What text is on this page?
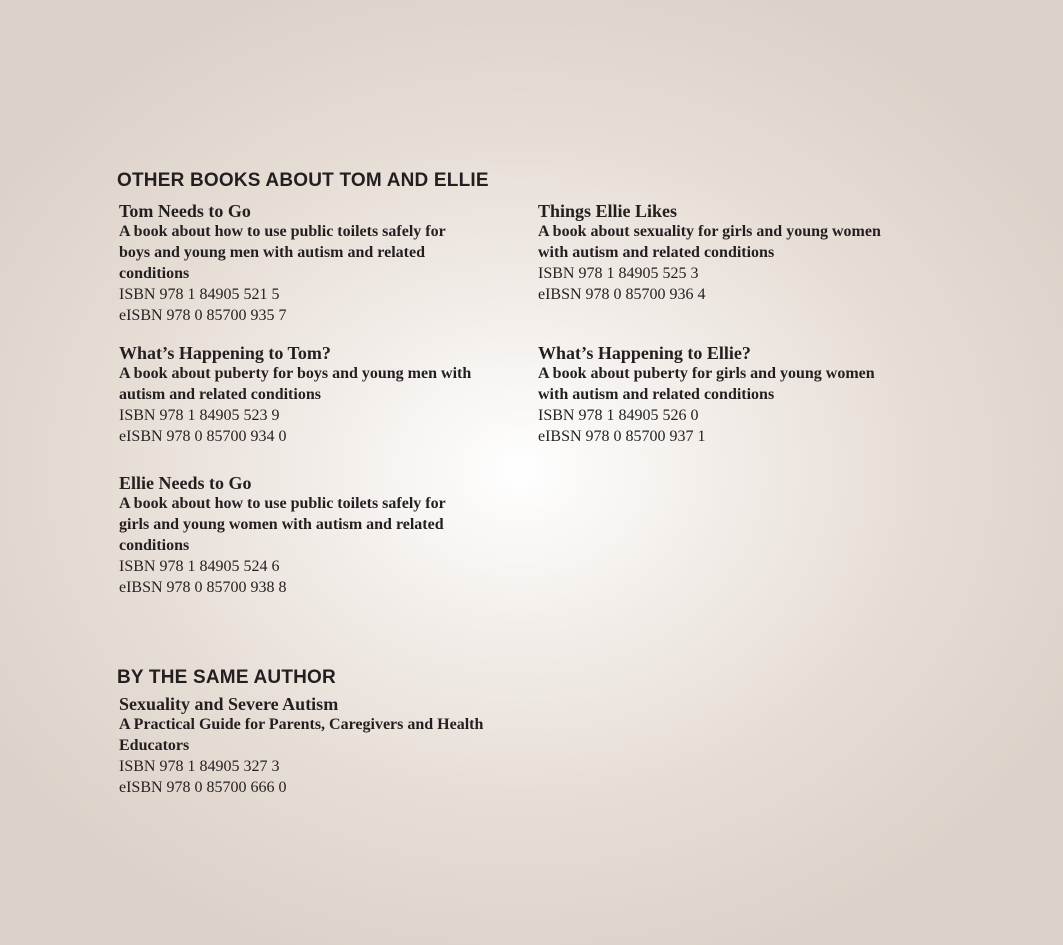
OTHER BOOKS ABOUT TOM AND ELLIE
Tom Needs to Go
A book about how to use public toilets safely for
boys and young men with autism and related
conditions
ISBN 978 1 84905 521 5
eISBN 978 0 85700 935 7
Things Ellie Likes
A book about sexuality for girls and young women
with autism and related conditions
ISBN 978 1 84905 525 3
eIBSN 978 0 85700 936 4
What’s Happening to Tom?
A book about puberty for boys and young men with
autism and related conditions
ISBN 978 1 84905 523 9
eISBN 978 0 85700 934 0
What’s Happening to Ellie?
A book about puberty for girls and young women
with autism and related conditions
ISBN 978 1 84905 526 0
eIBSN 978 0 85700 937 1
Ellie Needs to Go
A book about how to use public toilets safely for
girls and young women with autism and related
conditions
ISBN 978 1 84905 524 6
eIBSN 978 0 85700 938 8
BY THE SAME AUTHOR
Sexuality and Severe Autism
A Practical Guide for Parents, Caregivers and Health
Educators
ISBN 978 1 84905 327 3
eISBN 978 0 85700 666 0
